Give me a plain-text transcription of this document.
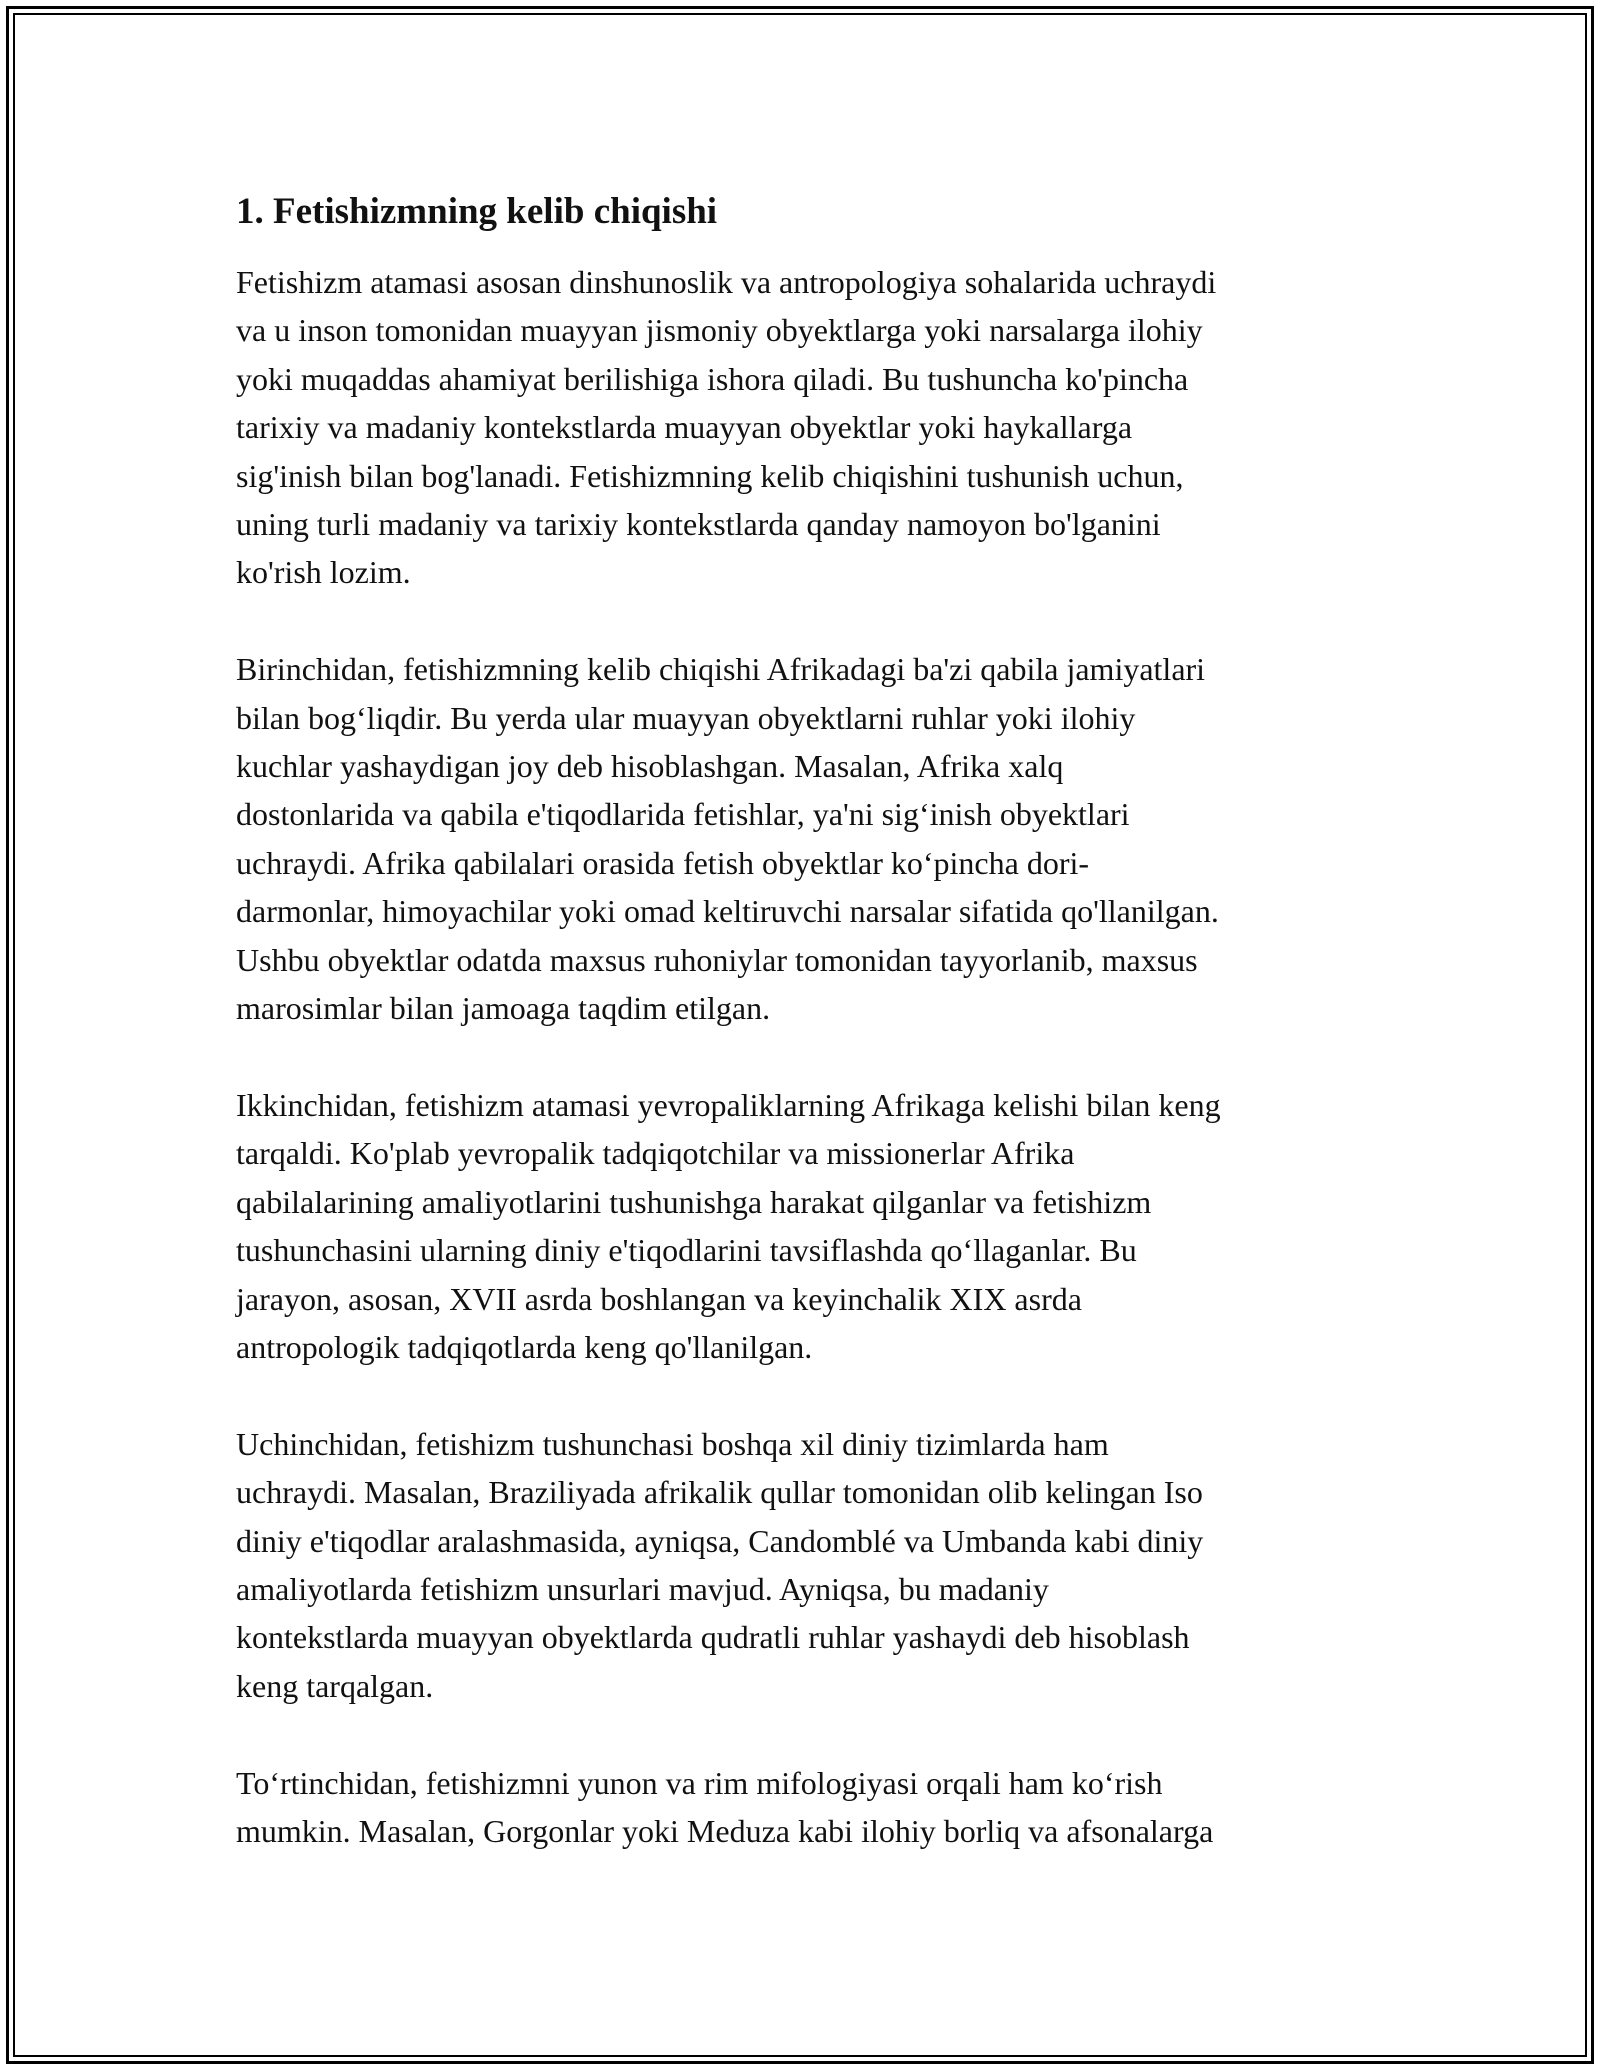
1. Fetishizmning kelib chiqishi
Fetishizm atamasi asosan dinshunoslik va antropologiya sohalarida uchraydi
va u inson tomonidan muayyan jismoniy obyektlarga yoki narsalarga ilohiy
yoki muqaddas ahamiyat berilishiga ishora qiladi. Bu tushuncha ko'pincha
tarixiy va madaniy kontekstlarda muayyan obyektlar yoki haykallarga
sig'inish bilan bog'lanadi. Fetishizmning kelib chiqishini tushunish uchun,
uning turli madaniy va tarixiy kontekstlarda qanday namoyon bo'lganini
ko'rish lozim.
Birinchidan, fetishizmning kelib chiqishi Afrikadagi ba'zi qabila jamiyatlari
bilan bog‘liqdir. Bu yerda ular muayyan obyektlarni ruhlar yoki ilohiy
kuchlar yashaydigan joy deb hisoblashgan. Masalan, Afrika xalq
dostonlarida va qabila e'tiqodlarida fetishlar, ya'ni sig‘inish obyektlari
uchraydi. Afrika qabilalari orasida fetish obyektlar ko‘pincha dori-
darmonlar, himoyachilar yoki omad keltiruvchi narsalar sifatida qo'llanilgan.
Ushbu obyektlar odatda maxsus ruhoniylar tomonidan tayyorlanib, maxsus
marosimlar bilan jamoaga taqdim etilgan.
Ikkinchidan, fetishizm atamasi yevropaliklarning Afrikaga kelishi bilan keng
tarqaldi. Ko'plab yevropalik tadqiqotchilar va missionerlar Afrika
qabilalarining amaliyotlarini tushunishga harakat qilganlar va fetishizm
tushunchasini ularning diniy e'tiqodlarini tavsiflashda qo‘llaganlar. Bu
jarayon, asosan, XVII asrda boshlangan va keyinchalik XIX asrda
antropologik tadqiqotlarda keng qo'llanilgan.
Uchinchidan, fetishizm tushunchasi boshqa xil diniy tizimlarda ham
uchraydi. Masalan, Braziliyada afrikalik qullar tomonidan olib kelingan Iso
diniy e'tiqodlar aralashmasida, ayniqsa, Candomblé va Umbanda kabi diniy
amaliyotlarda fetishizm unsurlari mavjud. Ayniqsa, bu madaniy
kontekstlarda muayyan obyektlarda qudratli ruhlar yashaydi deb hisoblash
keng tarqalgan.
To‘rtinchidan, fetishizmni yunon va rim mifologiyasi orqali ham ko‘rish
mumkin. Masalan, Gorgonlar yoki Meduza kabi ilohiy borliq va afsonalarga
